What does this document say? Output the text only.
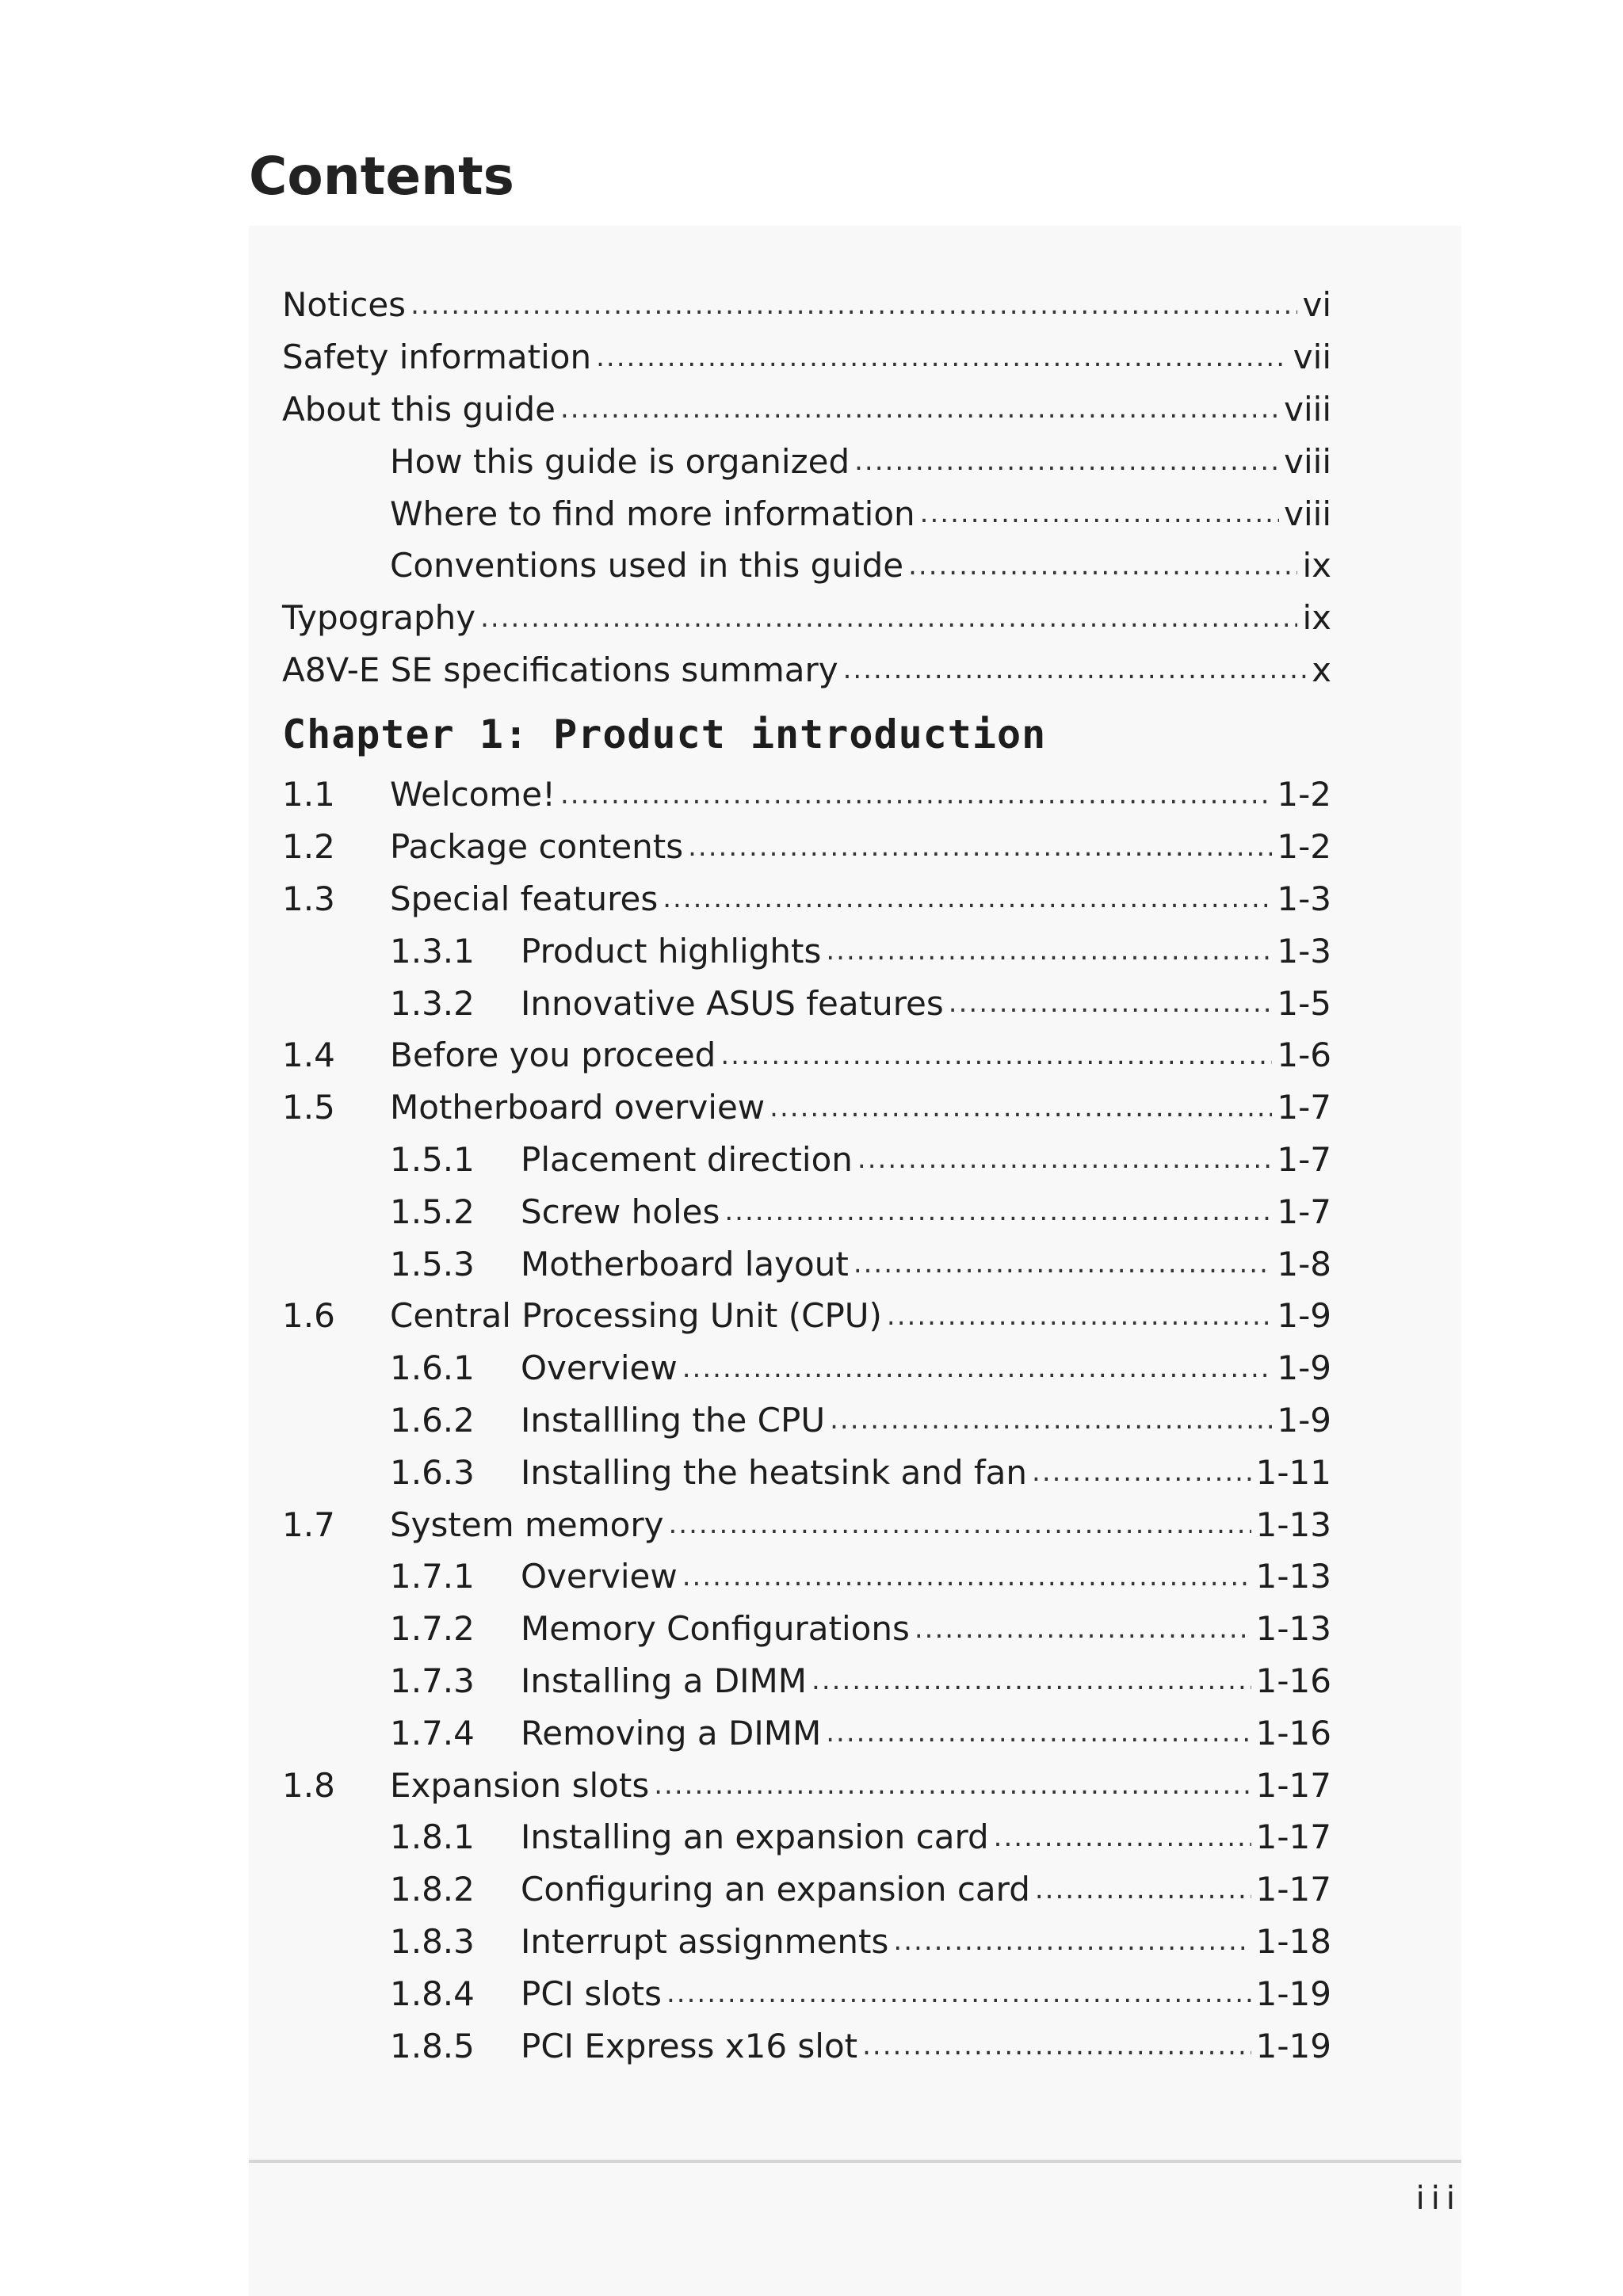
Contents
Notices .....	vi
Safety information .....	vii
About this guide .....	viii
How this guide is organized .....	viii
Where to find more information .....	viii
Conventions used in this guide .....	ix
Typography .....	ix
A8V-E SE specifications summary .....	x
Chapter 1: Product introduction
1.1	Welcome! .....	1-2
1.2	Package contents .....	1-2
1.3	Special features .....	1-3
1.3.1	Product highlights .....	1-3
1.3.2	Innovative ASUS features .....	1-5
1.4	Before you proceed .....	1-6
1.5	Motherboard overview .....	1-7
1.5.1	Placement direction .....	1-7
1.5.2	Screw holes .....	1-7
1.5.3	Motherboard layout .....	1-8
1.6	Central Processing Unit (CPU) .....	1-9
1.6.1	Overview .....	1-9
1.6.2	Installling the CPU .....	1-9
1.6.3	Installing the heatsink and fan .....	1-11
1.7	System memory .....	1-13
1.7.1	Overview .....	1-13
1.7.2	Memory Configurations .....	1-13
1.7.3	Installing a DIMM .....	1-16
1.7.4	Removing a DIMM .....	1-16
1.8	Expansion slots .....	1-17
1.8.1	Installing an expansion card .....	1-17
1.8.2	Configuring an expansion card .....	1-17
1.8.3	Interrupt assignments .....	1-18
1.8.4	PCI slots .....	1-19
1.8.5	PCI Express x16 slot .....	1-19
iii
